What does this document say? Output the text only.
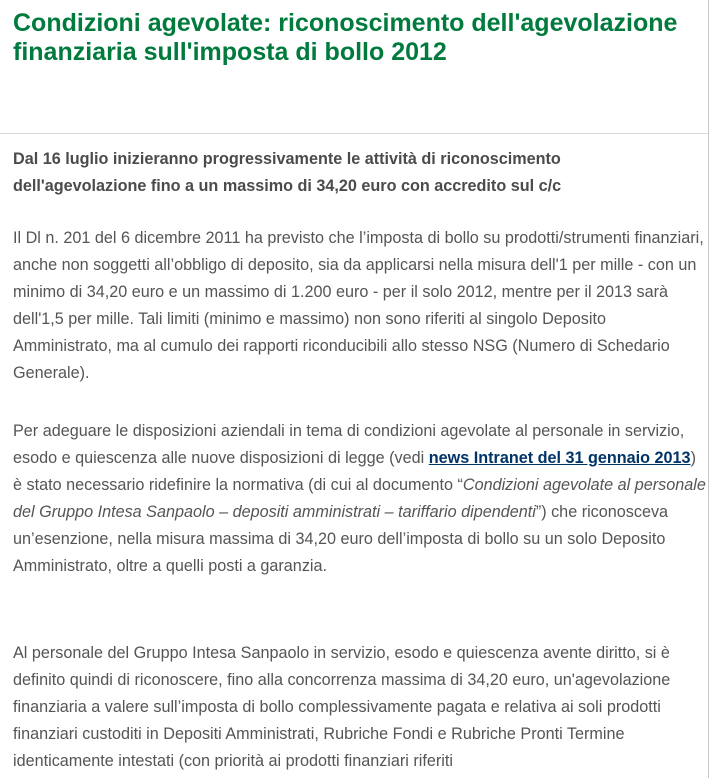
Condizioni agevolate: riconoscimento dell'agevolazione finanziaria sull'imposta di bollo 2012

Dal 16 luglio inizieranno progressivamente le attività di riconoscimento dell'agevolazione fino a un massimo di 34,20 euro con accredito sul c/c

Il Dl n. 201 del 6 dicembre 2011 ha previsto che l’imposta di bollo su prodotti/strumenti finanziari, anche non soggetti all’obbligo di deposito, sia da applicarsi nella misura dell'1 per mille - con un minimo di 34,20 euro e un massimo di 1.200 euro - per il solo 2012, mentre per il 2013 sarà dell'1,5 per mille. Tali limiti (minimo e massimo) non sono riferiti al singolo Deposito Amministrato, ma al cumulo dei rapporti riconducibili allo stesso NSG (Numero di Schedario Generale).

Per adeguare le disposizioni aziendali in tema di condizioni agevolate al personale in servizio, esodo e quiescenza alle nuove disposizioni di legge (vedi news Intranet del 31 gennaio 2013) è stato necessario ridefinire la normativa (di cui al documento “Condizioni agevolate al personale del Gruppo Intesa Sanpaolo – depositi amministrati – tariffario dipendenti”) che riconosceva un’esenzione, nella misura massima di 34,20 euro dell’imposta di bollo su un solo Deposito Amministrato, oltre a quelli posti a garanzia.

Al personale del Gruppo Intesa Sanpaolo in servizio, esodo e quiescenza avente diritto, si è definito quindi di riconoscere, fino alla concorrenza massima di 34,20 euro, un'agevolazione finanziaria a valere sull’imposta di bollo complessivamente pagata e relativa ai soli prodotti finanziari custoditi in Depositi Amministrati, Rubriche Fondi e Rubriche Pronti Termine identicamente intestati (con priorità ai prodotti finanziari riferiti
